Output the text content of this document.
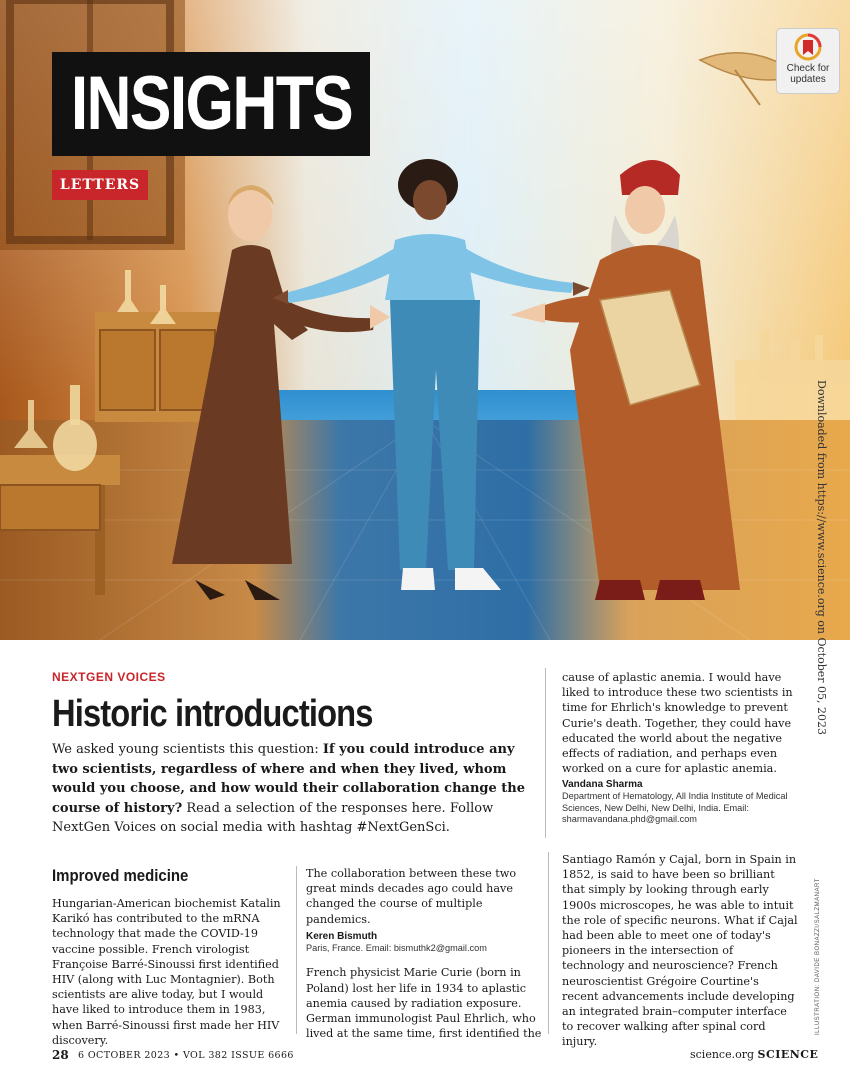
INSIGHTS
LETTERS
Check for
updates
Downloaded from https://www.science.org on October 05, 2023
NEXTGEN VOICES
Historic introductions

We asked young scientists this question: If you could introduce any two scientists, regardless of where and when they lived, whom would you choose, and how would their collaboration change the course of history? Read a selection of the responses here. Follow NextGen Voices on social media with hashtag #NextGenSci.

cause of aplastic anemia. I would have liked to introduce these two scientists in time for Ehrlich's knowledge to prevent Curie's death. Together, they could have educated the world about the negative effects of radiation, and perhaps even worked on a cure for aplastic anemia.

Vandana Sharma
Department of Hematology, All India Institute of Medical Sciences, New Delhi, New Delhi, India. Email: sharmavandana.phd@gmail.com
Improved medicine

Hungarian-American biochemist Katalin Karikó has contributed to the mRNA technology that made the COVID-19 vaccine possible. French virologist Françoise Barré-Sinoussi first identified HIV (along with Luc Montagnier). Both scientists are alive today, but I would have liked to introduce them in 1983, when Barré-Sinoussi first made her HIV discovery.

The collaboration between these two great minds decades ago could have changed the course of multiple pandemics.

Keren Bismuth
Paris, France. Email: bismuthk2@gmail.com

French physicist Marie Curie (born in Poland) lost her life in 1934 to aplastic anemia caused by radiation exposure. German immunologist Paul Ehrlich, who lived at the same time, first identified the

Santiago Ramón y Cajal, born in Spain in 1852, is said to have been so brilliant that simply by looking through early 1900s microscopes, he was able to intuit the role of specific neurons. What if Cajal had been able to meet one of today's pioneers in the intersection of technology and neuroscience? French neuroscientist Grégoire Courtine's recent advancements include developing an integrated brain–computer interface to recover walking after spinal cord injury.

ILLUSTRATION: DAVIDE BONAZZI/SALZMANART
28 6 OCTOBER 2023 • VOL 382 ISSUE 6666	science.org SCIENCE
